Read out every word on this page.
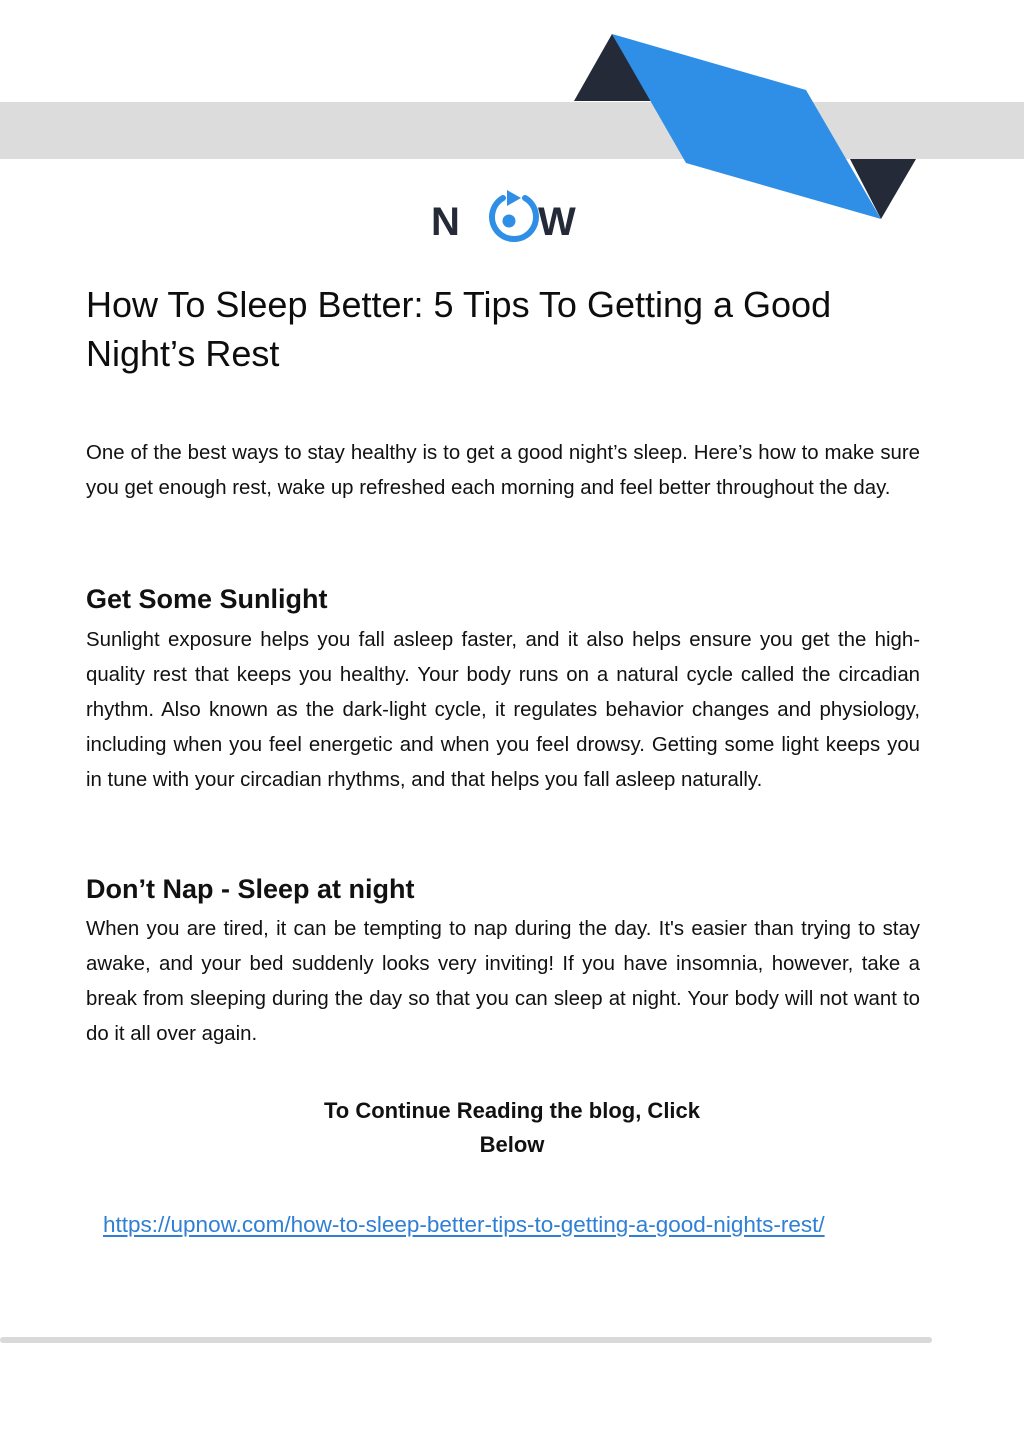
N W
How To Sleep Better: 5 Tips To Getting a Good Night’s Rest

One of the best ways to stay healthy is to get a good night’s sleep. Here’s how to make sure you get enough rest, wake up refreshed each morning and feel better throughout the day.

Get Some Sunlight

Sunlight exposure helps you fall asleep faster, and it also helps ensure you get the high-quality rest that keeps you healthy. Your body runs on a natural cycle called the circadian rhythm. Also known as the dark-light cycle, it regulates behavior changes and physiology, including when you feel energetic and when you feel drowsy. Getting some light keeps you in tune with your circadian rhythms, and that helps you fall asleep naturally.

Don’t Nap - Sleep at night

When you are tired, it can be tempting to nap during the day. It's easier than trying to stay awake, and your bed suddenly looks very inviting! If you have insomnia, however, take a break from sleeping during the day so that you can sleep at night. Your body will not want to do it all over again.

To Continue Reading the blog, Click
Below
https://upnow.com/how-to-sleep-better-tips-to-getting-a-good-nights-rest/
